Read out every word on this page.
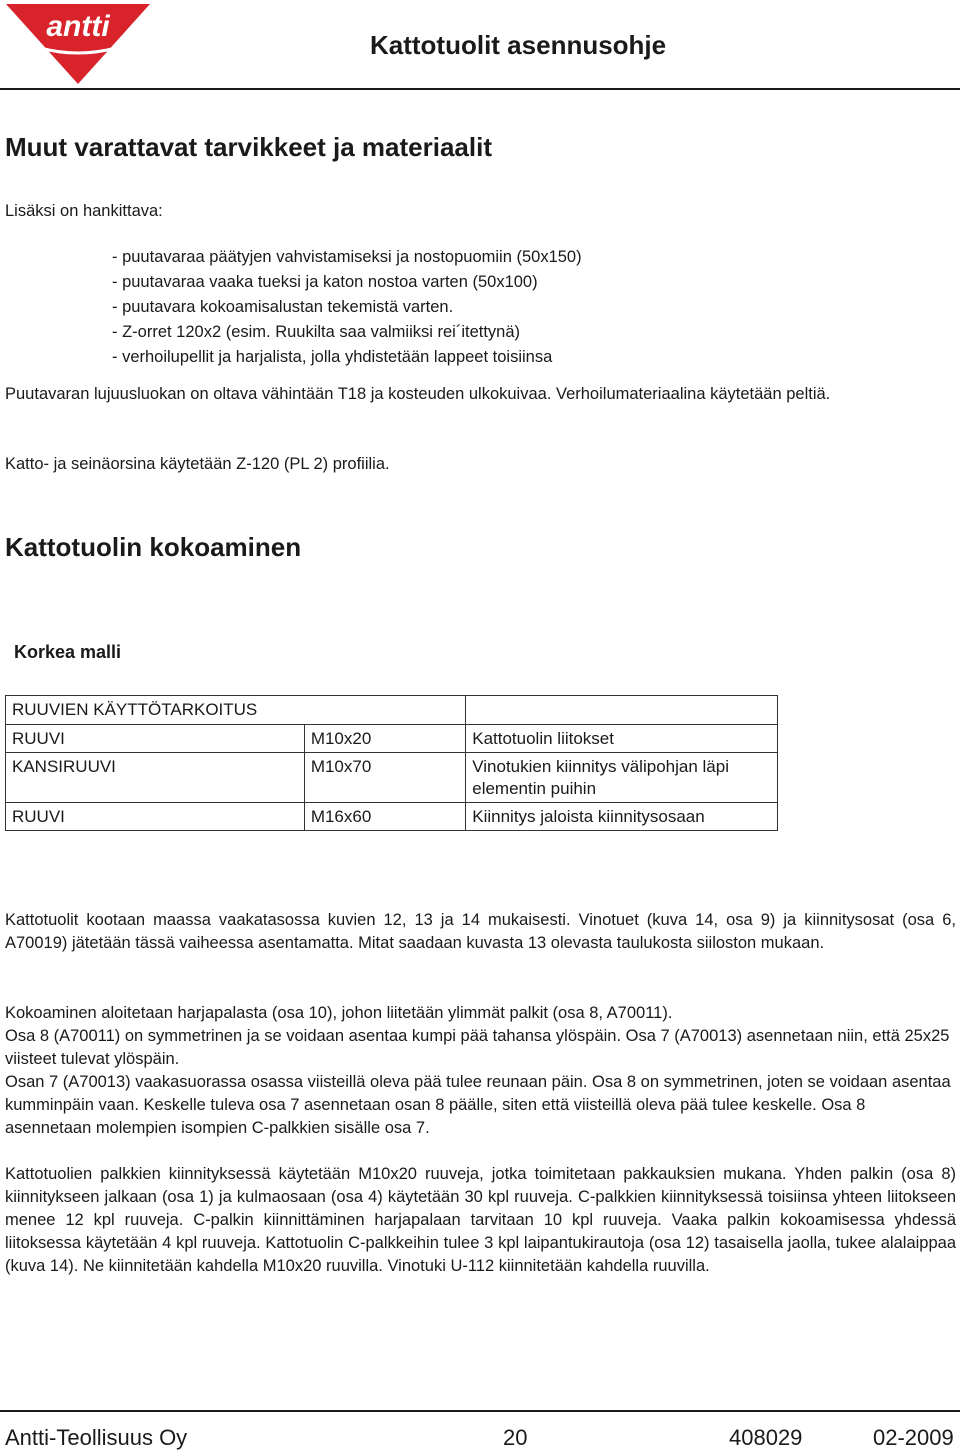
antti
Kattotuolit asennusohje
Muut varattavat tarvikkeet ja materiaalit
Lisäksi on hankittava:
- puutavaraa päätyjen vahvistamiseksi ja nostopuomiin (50x150)
- puutavaraa vaaka tueksi ja katon nostoa varten (50x100)
- puutavara kokoamisalustan tekemistä varten.
- Z-orret 120x2 (esim. Ruukilta saa valmiiksi rei´itettynä)
- verhoilupellit ja harjalista, jolla yhdistetään lappeet toisiinsa
Puutavaran lujuusluokan on oltava vähintään T18 ja kosteuden ulkokuivaa. Verhoilumateriaalina käytetään peltiä.
Katto- ja seinäorsina käytetään Z-120 (PL 2) profiilia.
Kattotuolin kokoaminen
Korkea malli
RUUVIEN KÄYTTÖTARKOITUS		
RUUVI	M10x20	Kattotuolin liitokset
KANSIRUUVI	M10x70	Vinotukien kiinnitys välipohjan läpi elementin puihin
RUUVI	M16x60	Kiinnitys jaloista kiinnitysosaan
Kattotuolit kootaan maassa vaakatasossa kuvien 12, 13 ja 14 mukaisesti. Vinotuet (kuva 14, osa 9) ja kiinnitysosat (osa 6, A70019) jätetään tässä vaiheessa asentamatta. Mitat saadaan kuvasta 13 olevasta taulukosta siiloston mukaan.
Kokoaminen aloitetaan harjapalasta (osa 10), johon liitetään ylimmät palkit (osa 8, A70011).
Osa 8 (A70011) on symmetrinen ja se voidaan asentaa kumpi pää tahansa ylöspäin. Osa 7 (A70013) asennetaan niin, että 25x25 viisteet tulevat ylöspäin.
Osan 7 (A70013) vaakasuorassa osassa viisteillä oleva pää tulee reunaan päin. Osa 8 on symmetrinen, joten se voidaan asentaa kumminpäin vaan. Keskelle tuleva osa 7 asennetaan osan 8 päälle, siten että viisteillä oleva pää tulee keskelle. Osa 8 asennetaan molempien isompien C-palkkien sisälle osa 7.
Kattotuolien palkkien kiinnityksessä käytetään M10x20 ruuveja, jotka toimitetaan pakkauksien mukana. Yhden palkin (osa 8) kiinnitykseen jalkaan (osa 1) ja kulmaosaan (osa 4) käytetään 30 kpl ruuveja. C-palkkien kiinnityksessä toisiinsa yhteen liitokseen menee 12 kpl ruuveja. C-palkin kiinnittäminen harjapalaan tarvitaan 10 kpl ruuveja. Vaaka palkin kokoamisessa yhdessä liitoksessa käytetään 4 kpl ruuveja. Kattotuolin C-palkkeihin tulee 3 kpl laipantukirautoja (osa 12) tasaisella jaolla, tukee alalaippaa (kuva 14). Ne kiinnitetään kahdella M10x20 ruuvilla. Vinotuki U-112 kiinnitetään kahdella ruuvilla.
Antti-Teollisuus Oy	20	408029	02-2009
